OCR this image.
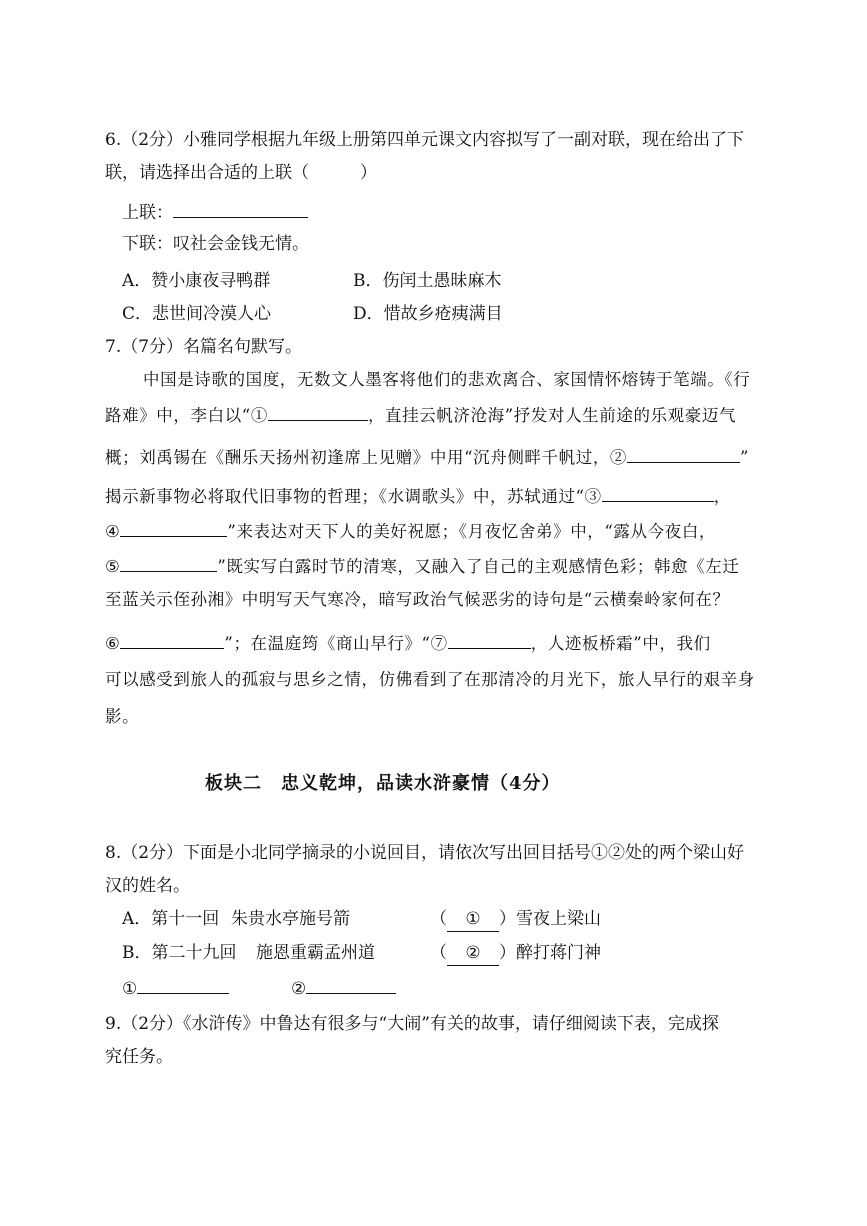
6.（2分）小雅同学根据九年级上册第四单元课文内容拟写了一副对联，现在给出了下
联，请选择出合适的上联（　　　）
上联：
下联：叹社会金钱无情。
A．赞小康夜寻鸭群	B．伤闰土愚昧麻木
C．悲世间冷漠人心	D．惜故乡疮痍满目
7.（7分）名篇名句默写。
中国是诗歌的国度，无数文人墨客将他们的悲欢离合、家国情怀熔铸于笔端。《行
路难》中，李白以“①	，直挂云帆济沧海”抒发对人生前途的乐观豪迈气
概；刘禹锡在《酬乐天扬州初逢席上见赠》中用“沉舟侧畔千帆过，②	”
揭示新事物必将取代旧事物的哲理；《水调歌头》中，苏轼通过“③	，
④	”来表达对天下人的美好祝愿；《月夜忆舍弟》中，“露从今夜白，
⑤	”既实写白露时节的清寒，又融入了自己的主观感情色彩；韩愈《左迁
至蓝关示侄孙湘》中明写天气寒冷，暗写政治气候恶劣的诗句是“云横秦岭家何在？
⑥	”；在温庭筠《商山早行》“⑦	，人迹板桥霜”中，我们
可以感受到旅人的孤寂与思乡之情，仿佛看到了在那清冷的月光下，旅人早行的艰辛身
影。
板块二　忠义乾坤，品读水浒豪情（4分）
8.（2分）下面是小北同学摘录的小说回目，请依次写出回目括号①②处的两个梁山好
汉的姓名。
A．第十一回 朱贵水亭施号箭	（ ① ）雪夜上梁山
B．第二十九回 施恩重霸孟州道	（ ② ）醉打蒋门神
①	②
9.（2分）《水浒传》中鲁达有很多与“大闹”有关的故事，请仔细阅读下表，完成探
究任务。
